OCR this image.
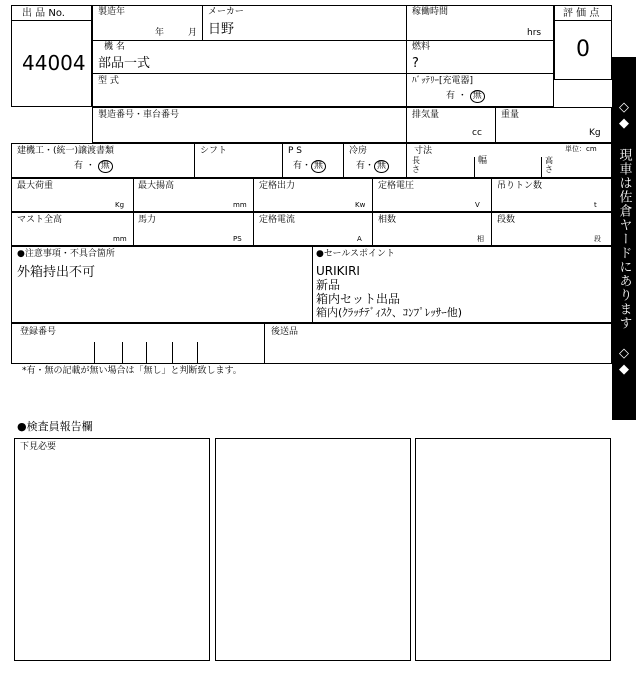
出 品 No.
44004
評 価 点
0
製造年
年	月
メーカー
日野
稼働時間
hrs
機 名
部品一式
燃料
?
型 式	ﾊﾞｯﾃﾘｰ[充電器]
有 ・ 無
製造番号・車台番号	排気量
cc
重量
Kg
建機工・(統一)譲渡書類
有 ・ 無
シフト	P S
有・ 無
冷房
有・ 無
寸法	単位：cm
長
さ
幅	高
さ
最大荷重
Kg
最大揚高
mm
定格出力
Kw
定格電圧
V
吊りトン数
t
マスト全高
mm
馬力
PS
定格電流
A
相数
相
段数
段
●注意事項・不具合箇所
外箱持出不可
●セールスポイント
URIKIRI
新品
箱内セット出品
箱内(ｸﾗｯﾁﾃﾞｨｽｸ、ｺﾝﾌﾟﾚｯｻｰ他)
登録番号	後送品
*有・無の記載が無い場合は「無し」と判断致します。	◇◆ 現車は佐倉ヤードにあります ◇◆
●検査員報告欄
下見必要
